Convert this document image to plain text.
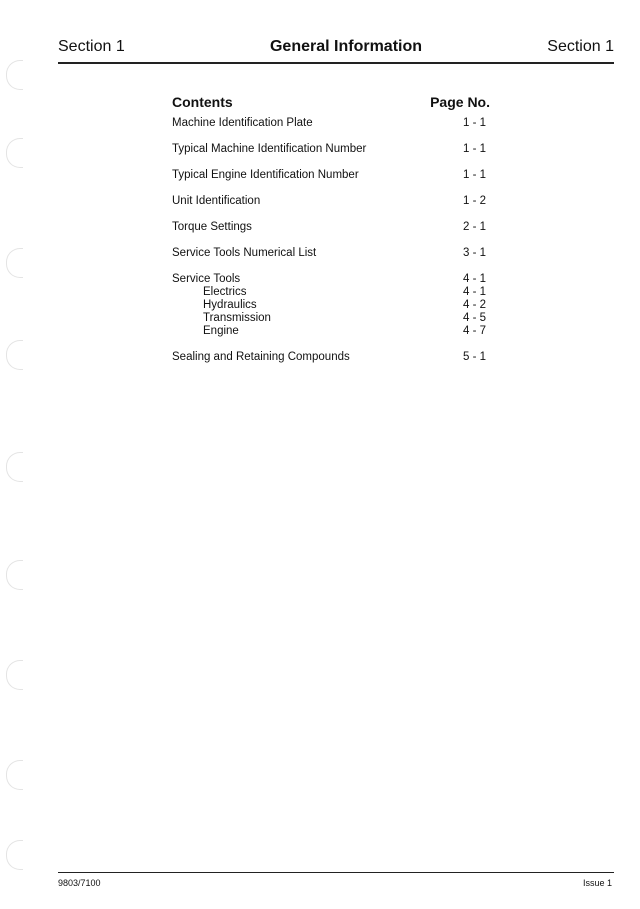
Section 1	General Information	Section 1
Contents	Page No.
Machine Identification Plate	1 - 1
Typical Machine Identification Number	1 - 1
Typical Engine Identification Number	1 - 1
Unit Identification	1 - 2
Torque Settings	2 - 1
Service Tools Numerical List	3 - 1
Service Tools	4 - 1
Electrics	4 - 1
Hydraulics	4 - 2
Transmission	4 - 5
Engine	4 - 7
Sealing and Retaining Compounds	5 - 1
9803/7100	Issue 1
